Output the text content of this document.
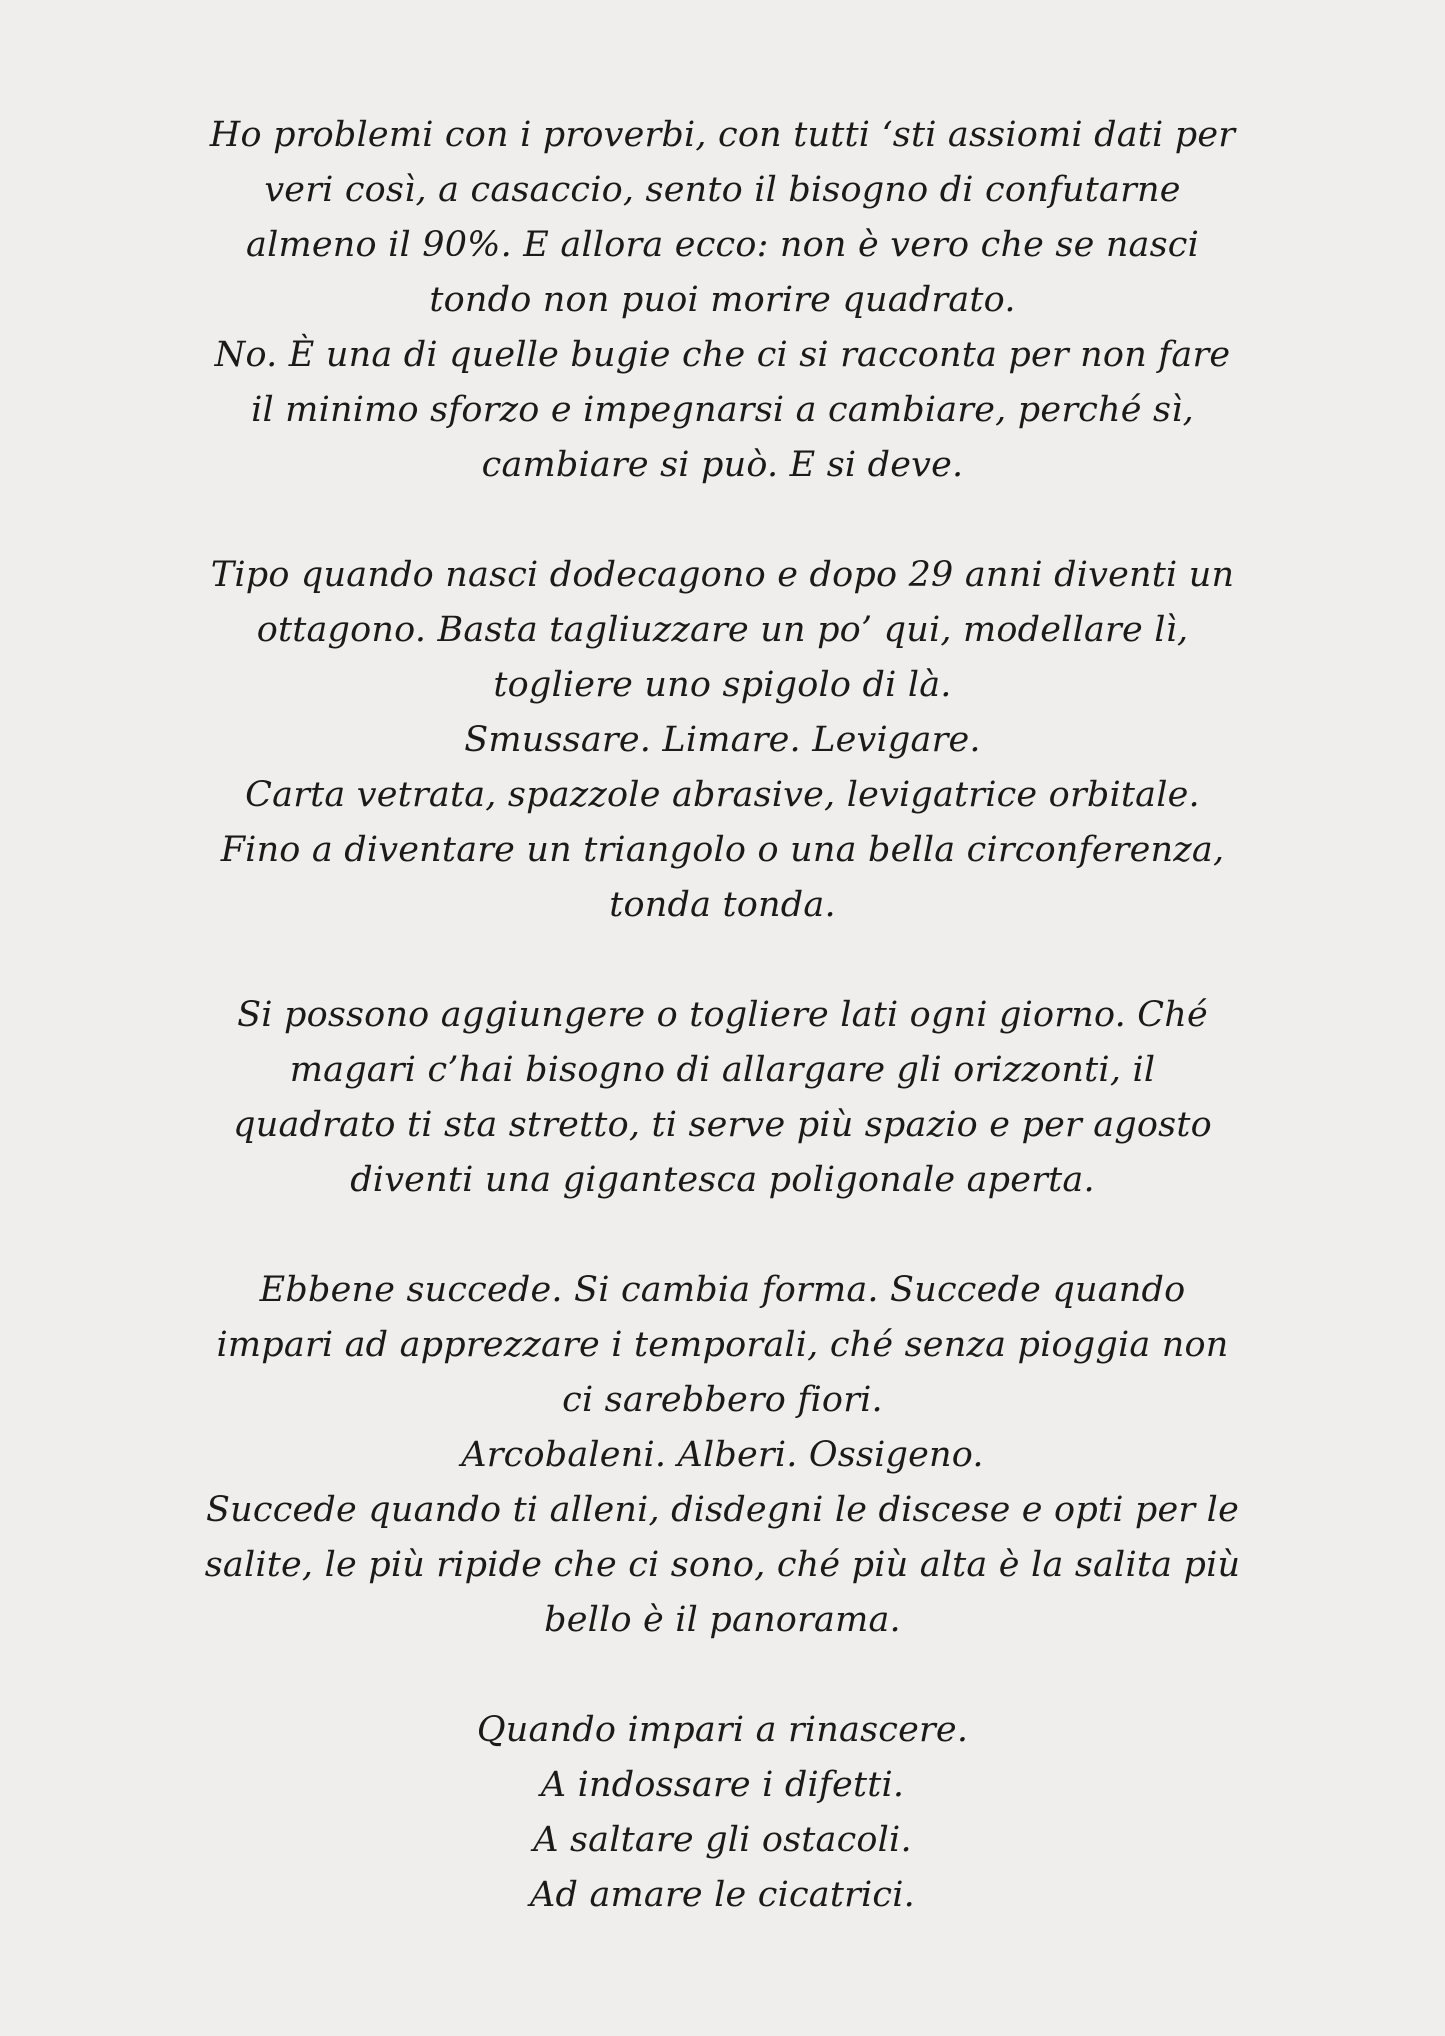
Ho problemi con i proverbi, con tutti ‘sti assiomi dati per
veri così, a casaccio, sento il bisogno di confutarne
almeno il 90%. E allora ecco: non è vero che se nasci
tondo non puoi morire quadrato.
No. È una di quelle bugie che ci si racconta per non fare
il minimo sforzo e impegnarsi a cambiare, perché sì,
cambiare si può. E si deve.
Tipo quando nasci dodecagono e dopo 29 anni diventi un
ottagono. Basta tagliuzzare un po’ qui, modellare lì,
togliere uno spigolo di là.
Smussare. Limare. Levigare.
Carta vetrata, spazzole abrasive, levigatrice orbitale.
Fino a diventare un triangolo o una bella circonferenza,
tonda tonda.
Si possono aggiungere o togliere lati ogni giorno. Ché
magari c’hai bisogno di allargare gli orizzonti, il
quadrato ti sta stretto, ti serve più spazio e per agosto
diventi una gigantesca poligonale aperta.
Ebbene succede. Si cambia forma. Succede quando
impari ad apprezzare i temporali, ché senza pioggia non
ci sarebbero fiori.
Arcobaleni. Alberi. Ossigeno.
Succede quando ti alleni, disdegni le discese e opti per le
salite, le più ripide che ci sono, ché più alta è la salita più
bello è il panorama.
Quando impari a rinascere.
A indossare i difetti.
A saltare gli ostacoli.
Ad amare le cicatrici.
